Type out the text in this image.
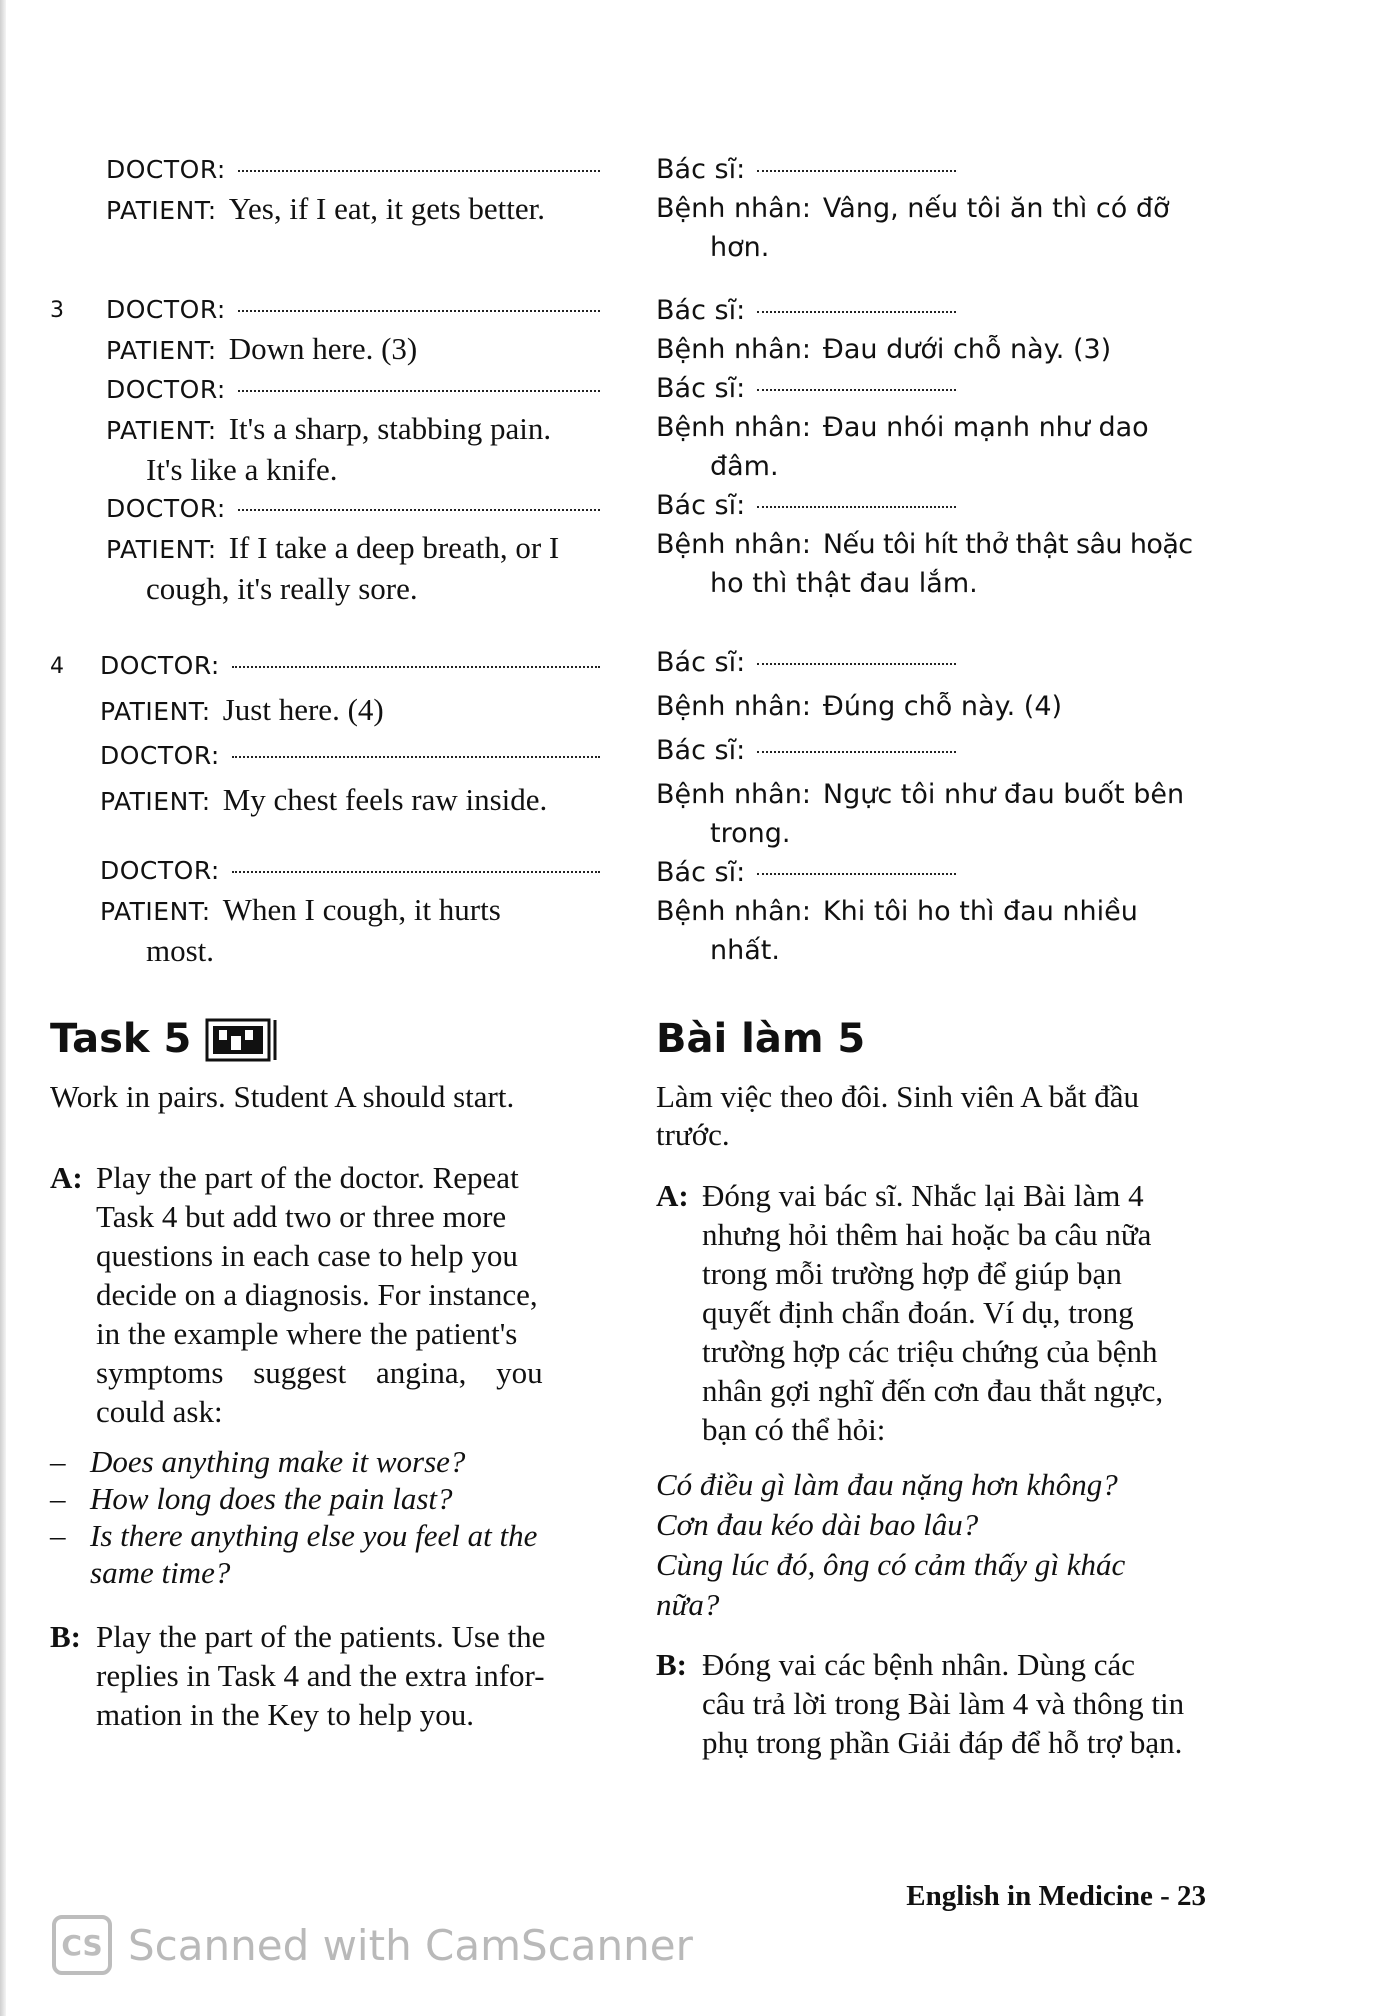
DOCTOR:
PATIENT: Yes, if I eat, it gets better.
3 DOCTOR:
PATIENT: Down here. (3)
DOCTOR:
PATIENT: It's a sharp, stabbing pain.
It's like a knife.
DOCTOR:
PATIENT: If I take a deep breath, or I
cough, it's really sore.
4 DOCTOR:
PATIENT: Just here. (4)
DOCTOR:
PATIENT: My chest feels raw inside.
DOCTOR:
PATIENT: When I cough, it hurts
most.
Task 5
Work in pairs. Student A should start.
A: Play the part of the doctor. Repeat
Task 4 but add two or three more
questions in each case to help you
decide on a diagnosis. For instance,
in the example where the patient's
symptoms suggest angina, you
could ask:
– Does anything make it worse?
– How long does the pain last?
– Is there anything else you feel at the
same time?
B: Play the part of the patients. Use the
replies in Task 4 and the extra infor-
mation in the Key to help you.
Bác sĩ:
Bệnh nhân: Vâng, nếu tôi ăn thì có đỡ
hơn.
Bác sĩ:
Bệnh nhân: Đau dưới chỗ này. (3)
Bác sĩ:
Bệnh nhân: Đau nhói mạnh như dao
đâm.
Bác sĩ:
Bệnh nhân: Nếu tôi hít thở thật sâu hoặc
ho thì thật đau lắm.
Bác sĩ:
Bệnh nhân: Đúng chỗ này. (4)
Bác sĩ:
Bệnh nhân: Ngực tôi như đau buốt bên
trong.
Bác sĩ:
Bệnh nhân: Khi tôi ho thì đau nhiều
nhất.
Bài làm 5
Làm việc theo đôi. Sinh viên A bắt đầu
trước.
A: Đóng vai bác sĩ. Nhắc lại Bài làm 4
nhưng hỏi thêm hai hoặc ba câu nữa
trong mỗi trường hợp để giúp bạn
quyết định chẩn đoán. Ví dụ, trong
trường hợp các triệu chứng của bệnh
nhân gợi nghĩ đến cơn đau thắt ngực,
bạn có thể hỏi:
Có điều gì làm đau nặng hơn không?
Cơn đau kéo dài bao lâu?
Cùng lúc đó, ông có cảm thấy gì khác
nữa?
B: Đóng vai các bệnh nhân. Dùng các
câu trả lời trong Bài làm 4 và thông tin
phụ trong phần Giải đáp để hỗ trợ bạn.
English in Medicine - 23
CS Scanned with CamScanner
